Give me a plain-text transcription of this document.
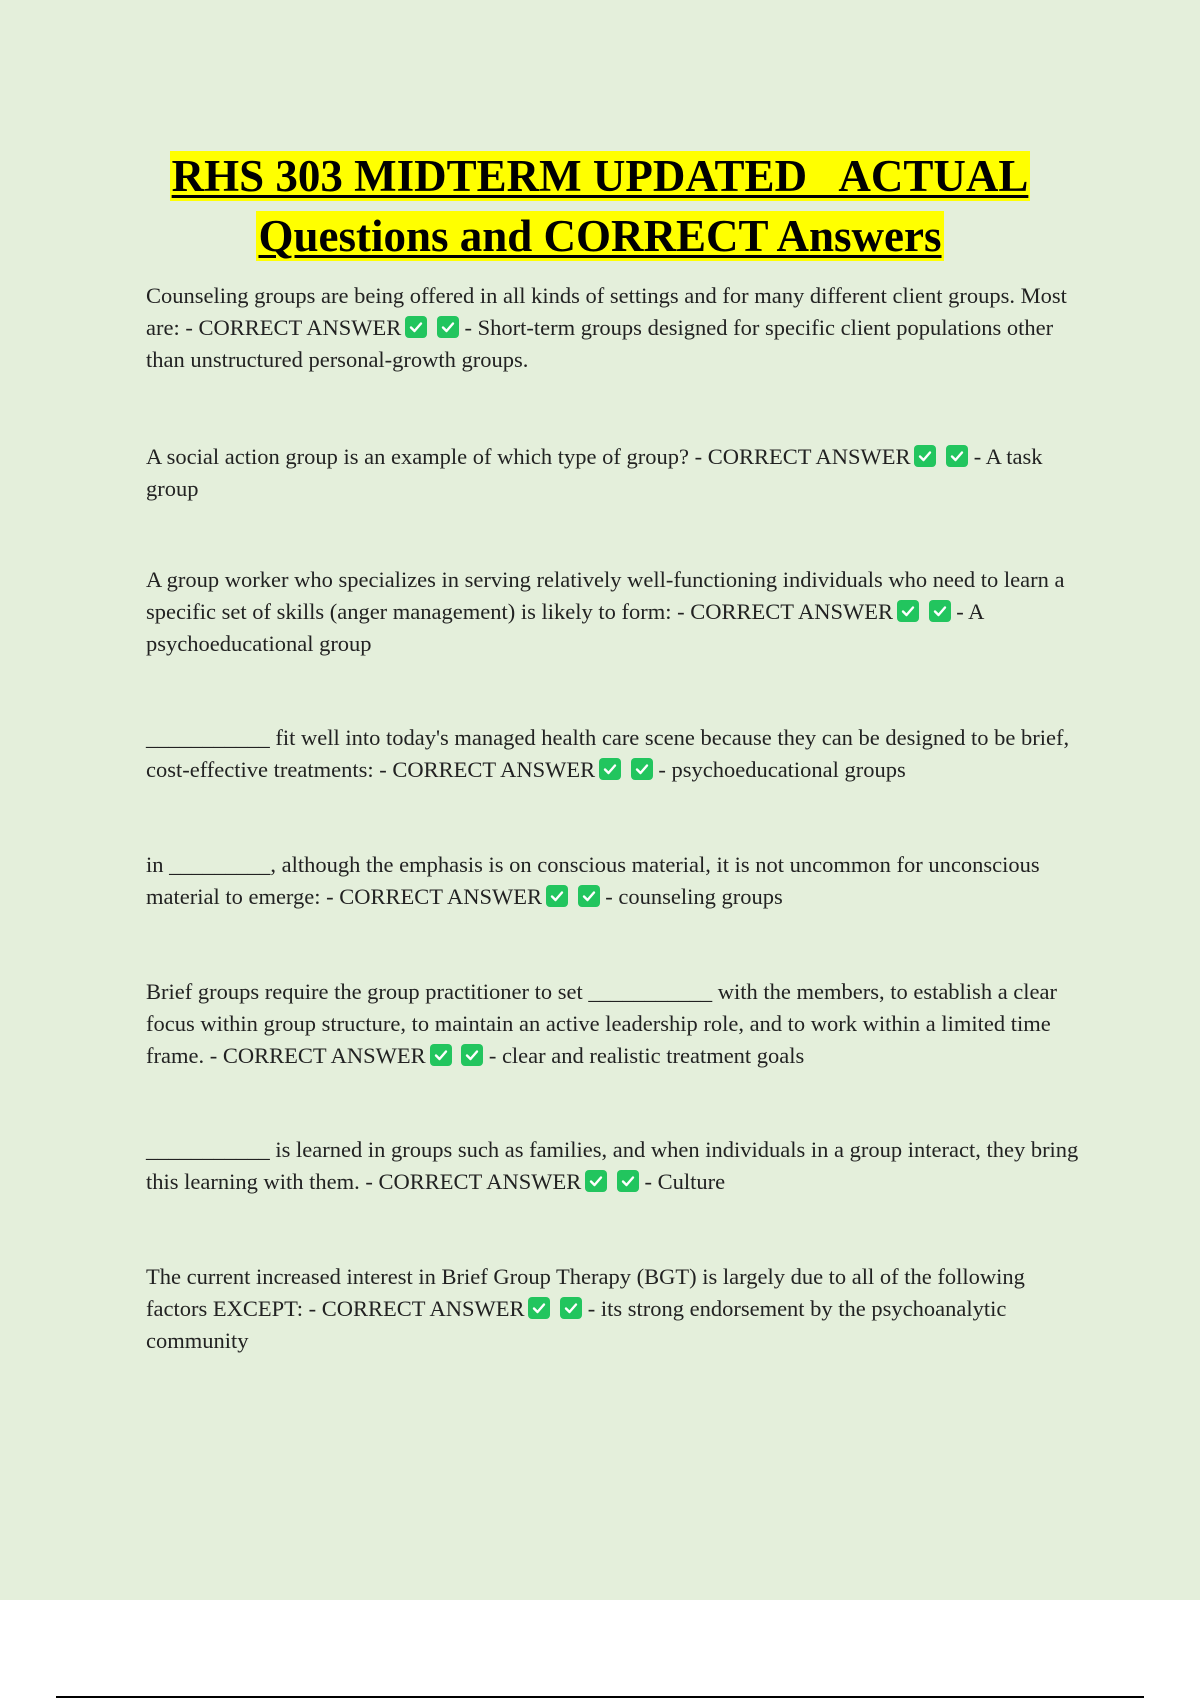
RHS 303 MIDTERM UPDATED   ACTUAL
Questions and CORRECT Answers
Counseling groups are being offered in all kinds of settings and for many different client groups. Most are: - CORRECT ANSWER
	- Short-term groups designed for specific client populations other than unstructured personal-growth groups.
A social action group is an example of which type of group? - CORRECT ANSWER
	- A task group
A group worker who specializes in serving relatively well-functioning individuals who need to learn a specific set of skills (anger management) is likely to form: - CORRECT ANSWER
	- A psychoeducational group
___________ fit well into today's managed health care scene because they can be designed to be brief, cost-effective treatments: - CORRECT ANSWER
	- psychoeducational groups
in _________, although the emphasis is on conscious material, it is not uncommon for unconscious material to emerge: - CORRECT ANSWER
	- counseling groups
Brief groups require the group practitioner to set ___________ with the members, to establish a clear focus within group structure, to maintain an active leadership role, and to work within a limited time frame. - CORRECT ANSWER
	- clear and realistic treatment goals
___________ is learned in groups such as families, and when individuals in a group interact, they bring this learning with them. - CORRECT ANSWER
	- Culture
The current increased interest in Brief Group Therapy (BGT) is largely due to all of the following factors EXCEPT: - CORRECT ANSWER
	- its strong endorsement by the psychoanalytic community
